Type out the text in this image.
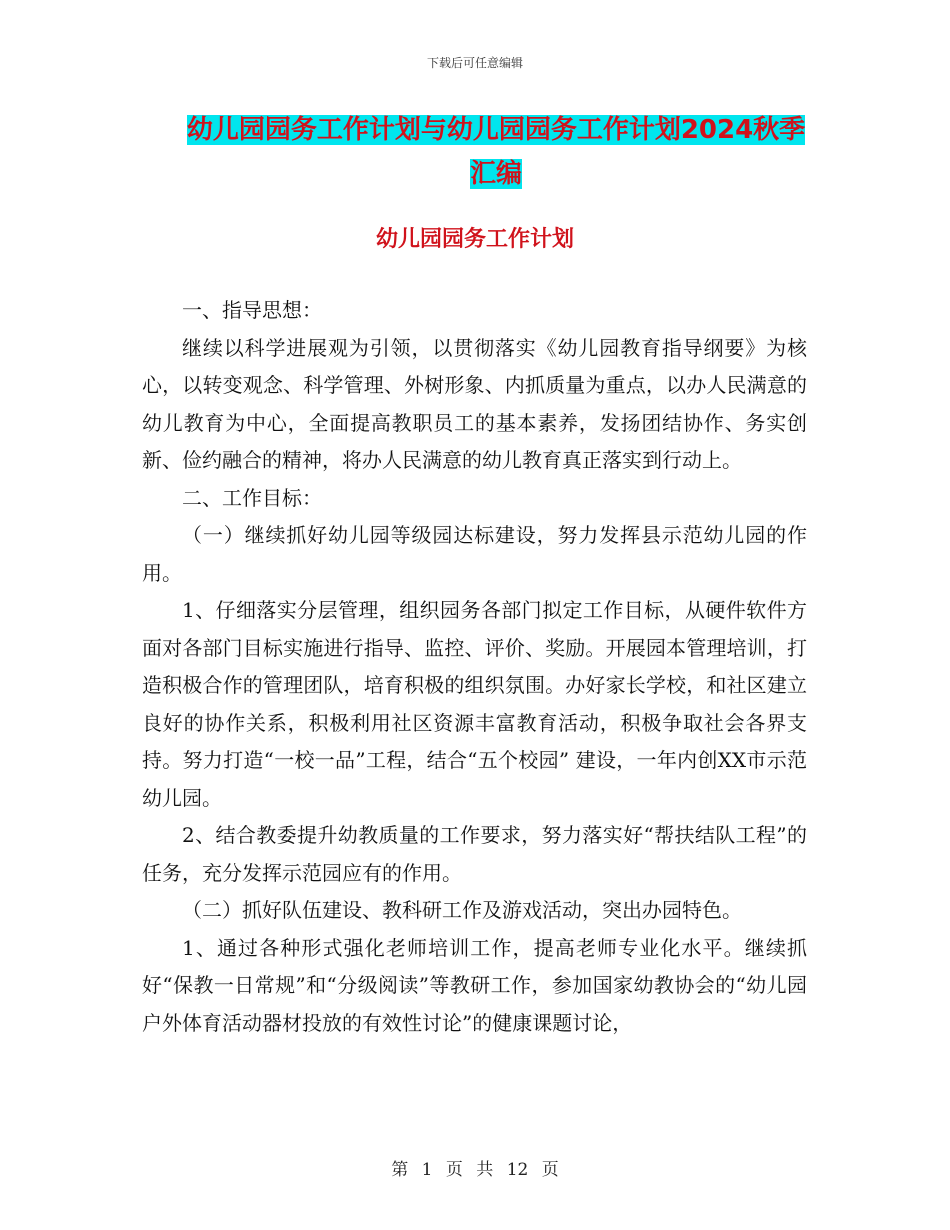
下载后可任意编辑
幼儿园园务工作计划与幼儿园园务工作计划2024秋季汇编
幼儿园园务工作计划

一、指导思想：

继续以科学进展观为引领，以贯彻落实《幼儿园教育指导纲要》为核心，以转变观念、科学管理、外树形象、内抓质量为重点，以办人民满意的幼儿教育为中心，全面提高教职员工的基本素养，发扬团结协作、务实创新、俭约融合的精神，将办人民满意的幼儿教育真正落实到行动上。

二、工作目标：

（一）继续抓好幼儿园等级园达标建设，努力发挥县示范幼儿园的作用。

1、仔细落实分层管理，组织园务各部门拟定工作目标，从硬件软件方面对各部门目标实施进行指导、监控、评价、奖励。开展园本管理培训，打造积极合作的管理团队，培育积极的组织氛围。办好家长学校，和社区建立良好的协作关系，积极利用社区资源丰富教育活动，积极争取社会各界支持。努力打造“一校一品”工程，结合“五个校园” 建设，一年内创XX市示范幼儿园。

2、结合教委提升幼教质量的工作要求，努力落实好“帮扶结队工程”的任务，充分发挥示范园应有的作用。

（二）抓好队伍建设、教科研工作及游戏活动，突出办园特色。

1、通过各种形式强化老师培训工作，提高老师专业化水平。继续抓好“保教一日常规”和“分级阅读”等教研工作，参加国家幼教协会的“幼儿园户外体育活动器材投放的有效性讨论”的健康课题讨论，

第 1 页 共 12 页
